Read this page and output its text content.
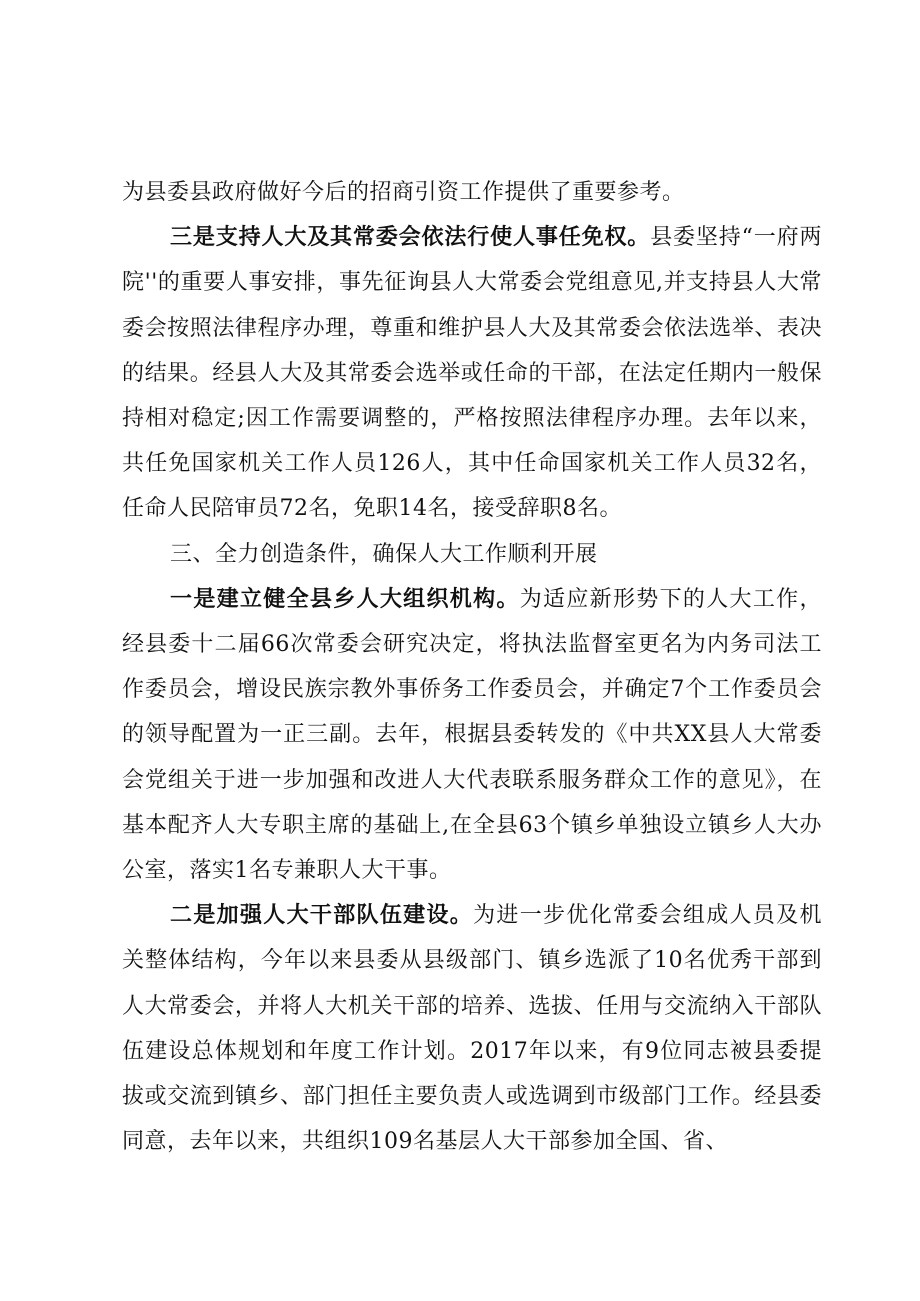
为县委县政府做好今后的招商引资工作提供了重要参考。

三是支持人大及其常委会依法行使人事任免权。县委坚持“一府两院''的重要人事安排，事先征询县人大常委会党组意见,并支持县人大常委会按照法律程序办理，尊重和维护县人大及其常委会依法选举、表决的结果。经县人大及其常委会选举或任命的干部，在法定任期内一般保持相对稳定;因工作需要调整的，严格按照法律程序办理。去年以来，共任免国家机关工作人员126人，其中任命国家机关工作人员32名，任命人民陪审员72名，免职14名，接受辞职8名。

三、全力创造条件，确保人大工作顺利开展

一是建立健全县乡人大组织机构。为适应新形势下的人大工作，经县委十二届66次常委会研究决定，将执法监督室更名为内务司法工作委员会，增设民族宗教外事侨务工作委员会，并确定7个工作委员会的领导配置为一正三副。去年，根据县委转发的《中共XX县人大常委会党组关于进一步加强和改进人大代表联系服务群众工作的意见》，在基本配齐人大专职主席的基础上,在全县63个镇乡单独设立镇乡人大办公室，落实1名专兼职人大干事。

二是加强人大干部队伍建设。为进一步优化常委会组成人员及机关整体结构，今年以来县委从县级部门、镇乡选派了10名优秀干部到人大常委会，并将人大机关干部的培养、选拔、任用与交流纳入干部队伍建设总体规划和年度工作计划。2017年以来，有9位同志被县委提拔或交流到镇乡、部门担任主要负责人或选调到市级部门工作。经县委同意，去年以来，共组织109名基层人大干部参加全国、省、
